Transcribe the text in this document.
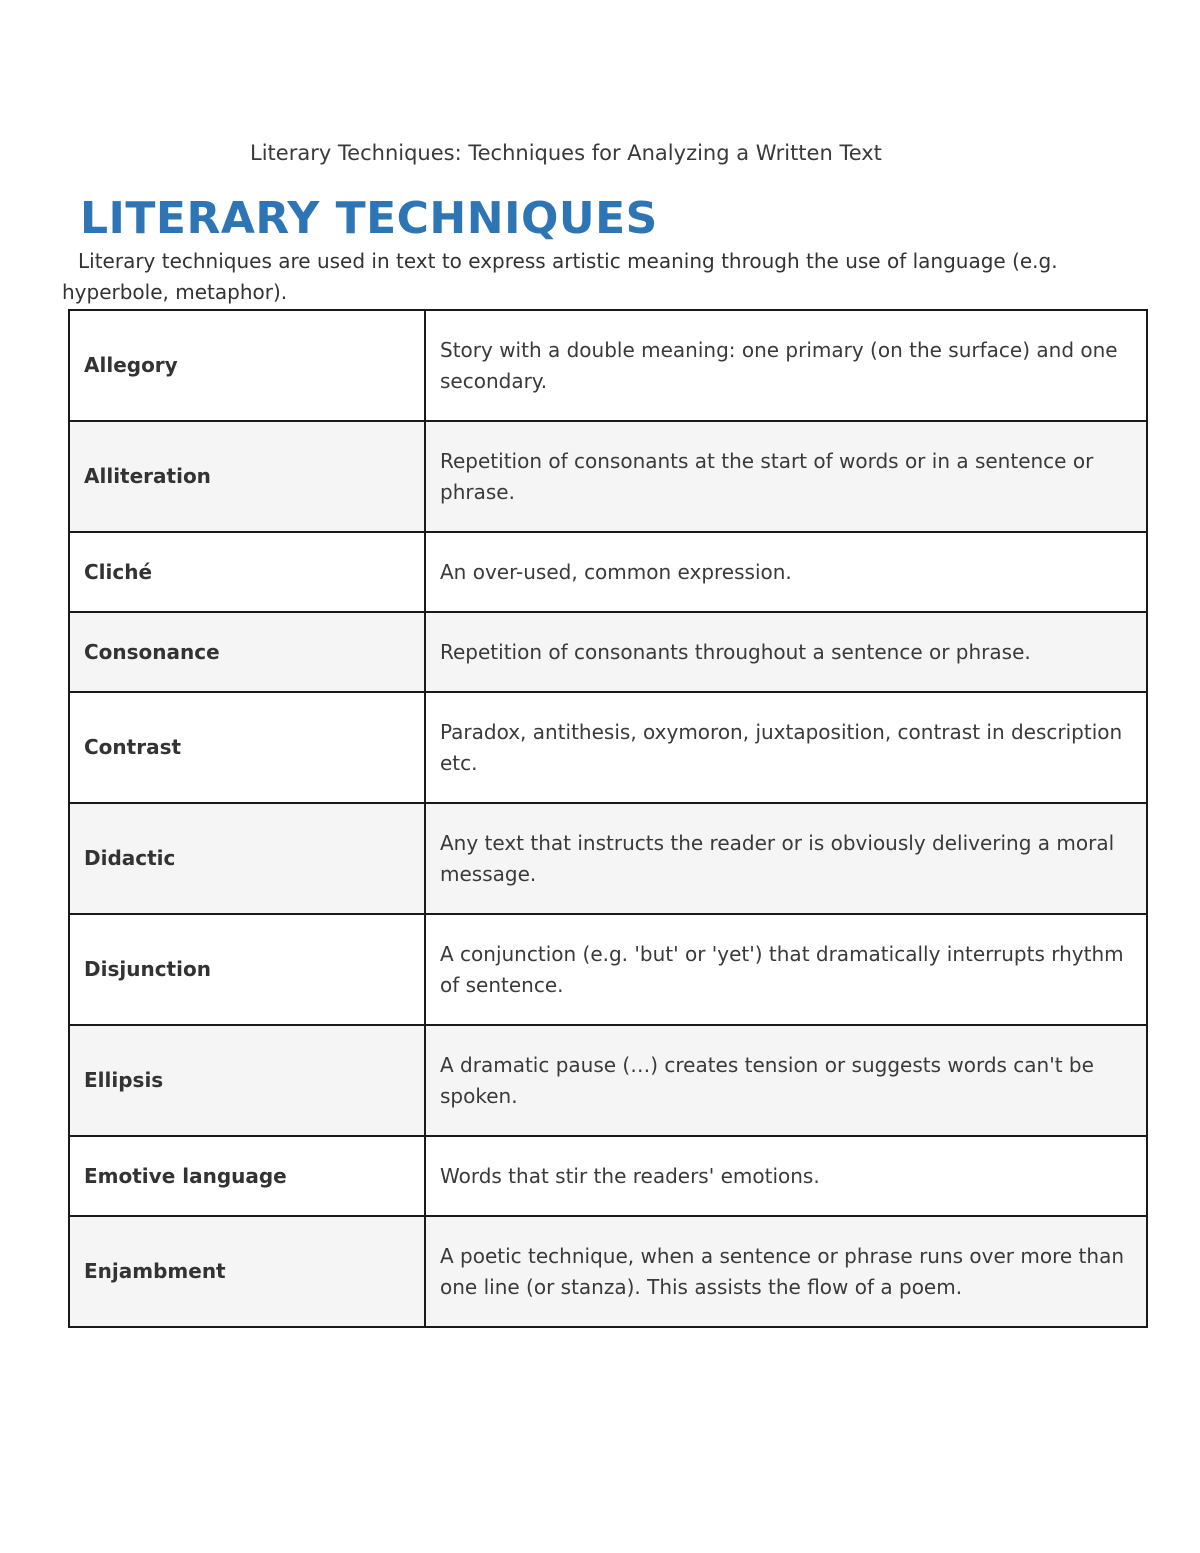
Literary Techniques: Techniques for Analyzing a Written Text
LITERARY TECHNIQUES
Literary techniques are used in text to express artistic meaning through the use of language (e.g. hyperbole, metaphor).
Allegory	Story with a double meaning: one primary (on the surface) and one secondary.
Alliteration	Repetition of consonants at the start of words or in a sentence or phrase.
Cliché	An over-used, common expression.
Consonance	Repetition of consonants throughout a sentence or phrase.
Contrast	Paradox, antithesis, oxymoron, juxtaposition, contrast in description etc.
Didactic	Any text that instructs the reader or is obviously delivering a moral message.
Disjunction	A conjunction (e.g. 'but' or 'yet') that dramatically interrupts rhythm of sentence.
Ellipsis	A dramatic pause (…) creates tension or suggests words can't be spoken.
Emotive language	Words that stir the readers' emotions.
Enjambment	A poetic technique, when a sentence or phrase runs over more than one line (or stanza). This assists the flow of a poem.
